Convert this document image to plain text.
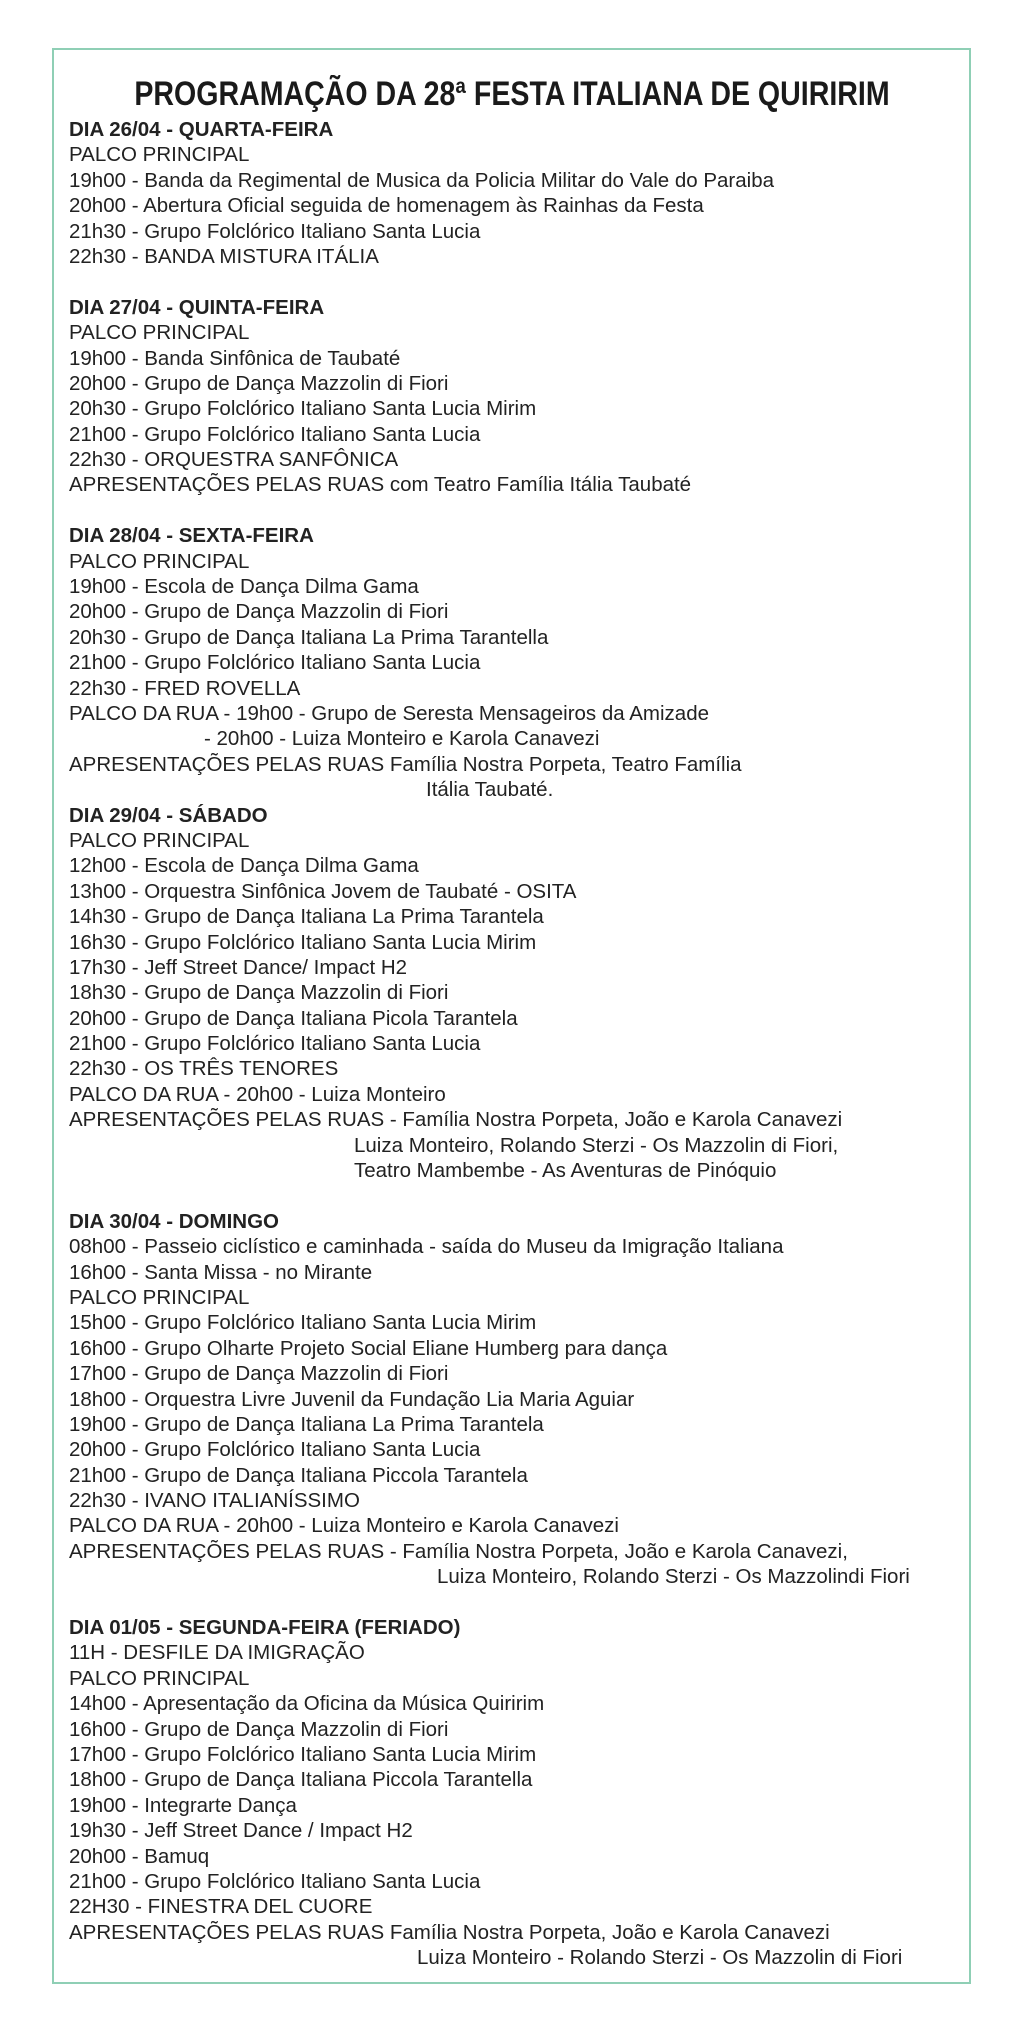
PROGRAMAÇÃO DA 28ª FESTA ITALIANA DE QUIRIRIM
DIA 26/04 - QUARTA-FEIRA
PALCO PRINCIPAL
19h00 - Banda da Regimental de Musica da Policia Militar do Vale do Paraiba
20h00 - Abertura Oficial seguida de homenagem às Rainhas da Festa
21h30 - Grupo Folclórico Italiano Santa Lucia
22h30 - BANDA MISTURA ITÁLIA
DIA 27/04 - QUINTA-FEIRA
PALCO PRINCIPAL
19h00 - Banda Sinfônica de Taubaté
20h00 - Grupo de Dança Mazzolin di Fiori
20h30 - Grupo Folclórico Italiano Santa Lucia Mirim
21h00 - Grupo Folclórico Italiano Santa Lucia
22h30 - ORQUESTRA SANFÔNICA
APRESENTAÇÕES PELAS RUAS com Teatro Família Itália Taubaté
DIA 28/04 - SEXTA-FEIRA
PALCO PRINCIPAL
19h00 - Escola de Dança Dilma Gama
20h00 - Grupo de Dança Mazzolin di Fiori
20h30 - Grupo de Dança Italiana La Prima Tarantella
21h00 - Grupo Folclórico Italiano Santa Lucia
22h30 - FRED ROVELLA
PALCO DA RUA - 19h00 - Grupo de Seresta Mensageiros da Amizade
- 20h00 - Luiza Monteiro e Karola Canavezi
APRESENTAÇÕES PELAS RUAS Família Nostra Porpeta, Teatro Família
Itália Taubaté.
DIA 29/04 - SÁBADO
PALCO PRINCIPAL
12h00 - Escola de Dança Dilma Gama
13h00 - Orquestra Sinfônica Jovem de Taubaté - OSITA
14h30 - Grupo de Dança Italiana La Prima Tarantela
16h30 - Grupo Folclórico Italiano Santa Lucia Mirim
17h30 - Jeff Street Dance/ Impact H2
18h30 - Grupo de Dança Mazzolin di Fiori
20h00 - Grupo de Dança Italiana Picola Tarantela
21h00 - Grupo Folclórico Italiano Santa Lucia
22h30 - OS TRÊS TENORES
PALCO DA RUA - 20h00 - Luiza Monteiro
APRESENTAÇÕES PELAS RUAS - Família Nostra Porpeta, João e Karola Canavezi
Luiza Monteiro, Rolando Sterzi - Os Mazzolin di Fiori,
Teatro Mambembe - As Aventuras de Pinóquio
DIA 30/04 - DOMINGO
08h00 - Passeio ciclístico e caminhada - saída do Museu da Imigração Italiana
16h00 - Santa Missa - no Mirante
PALCO PRINCIPAL
15h00 - Grupo Folclórico Italiano Santa Lucia Mirim
16h00 - Grupo Olharte Projeto Social Eliane Humberg para dança
17h00 - Grupo de Dança Mazzolin di Fiori
18h00 - Orquestra Livre Juvenil da Fundação Lia Maria Aguiar
19h00 - Grupo de Dança Italiana La Prima Tarantela
20h00 - Grupo Folclórico Italiano Santa Lucia
21h00 - Grupo de Dança Italiana Piccola Tarantela
22h30 - IVANO ITALIANÍSSIMO
PALCO DA RUA - 20h00 - Luiza Monteiro e Karola Canavezi
APRESENTAÇÕES PELAS RUAS - Família Nostra Porpeta, João e Karola Canavezi,
Luiza Monteiro, Rolando Sterzi - Os Mazzolindi Fiori
DIA 01/05 - SEGUNDA-FEIRA (FERIADO)
11H - DESFILE DA IMIGRAÇÃO
PALCO PRINCIPAL
14h00 - Apresentação da Oficina da Música Quiririm
16h00 - Grupo de Dança Mazzolin di Fiori
17h00 - Grupo Folclórico Italiano Santa Lucia Mirim
18h00 - Grupo de Dança Italiana Piccola Tarantella
19h00 - Integrarte Dança
19h30 - Jeff Street Dance / Impact H2
20h00 - Bamuq
21h00 - Grupo Folclórico Italiano Santa Lucia
22H30 - FINESTRA DEL CUORE
APRESENTAÇÕES PELAS RUAS Família Nostra Porpeta, João e Karola Canavezi
Luiza Monteiro - Rolando Sterzi - Os Mazzolin di Fiori
